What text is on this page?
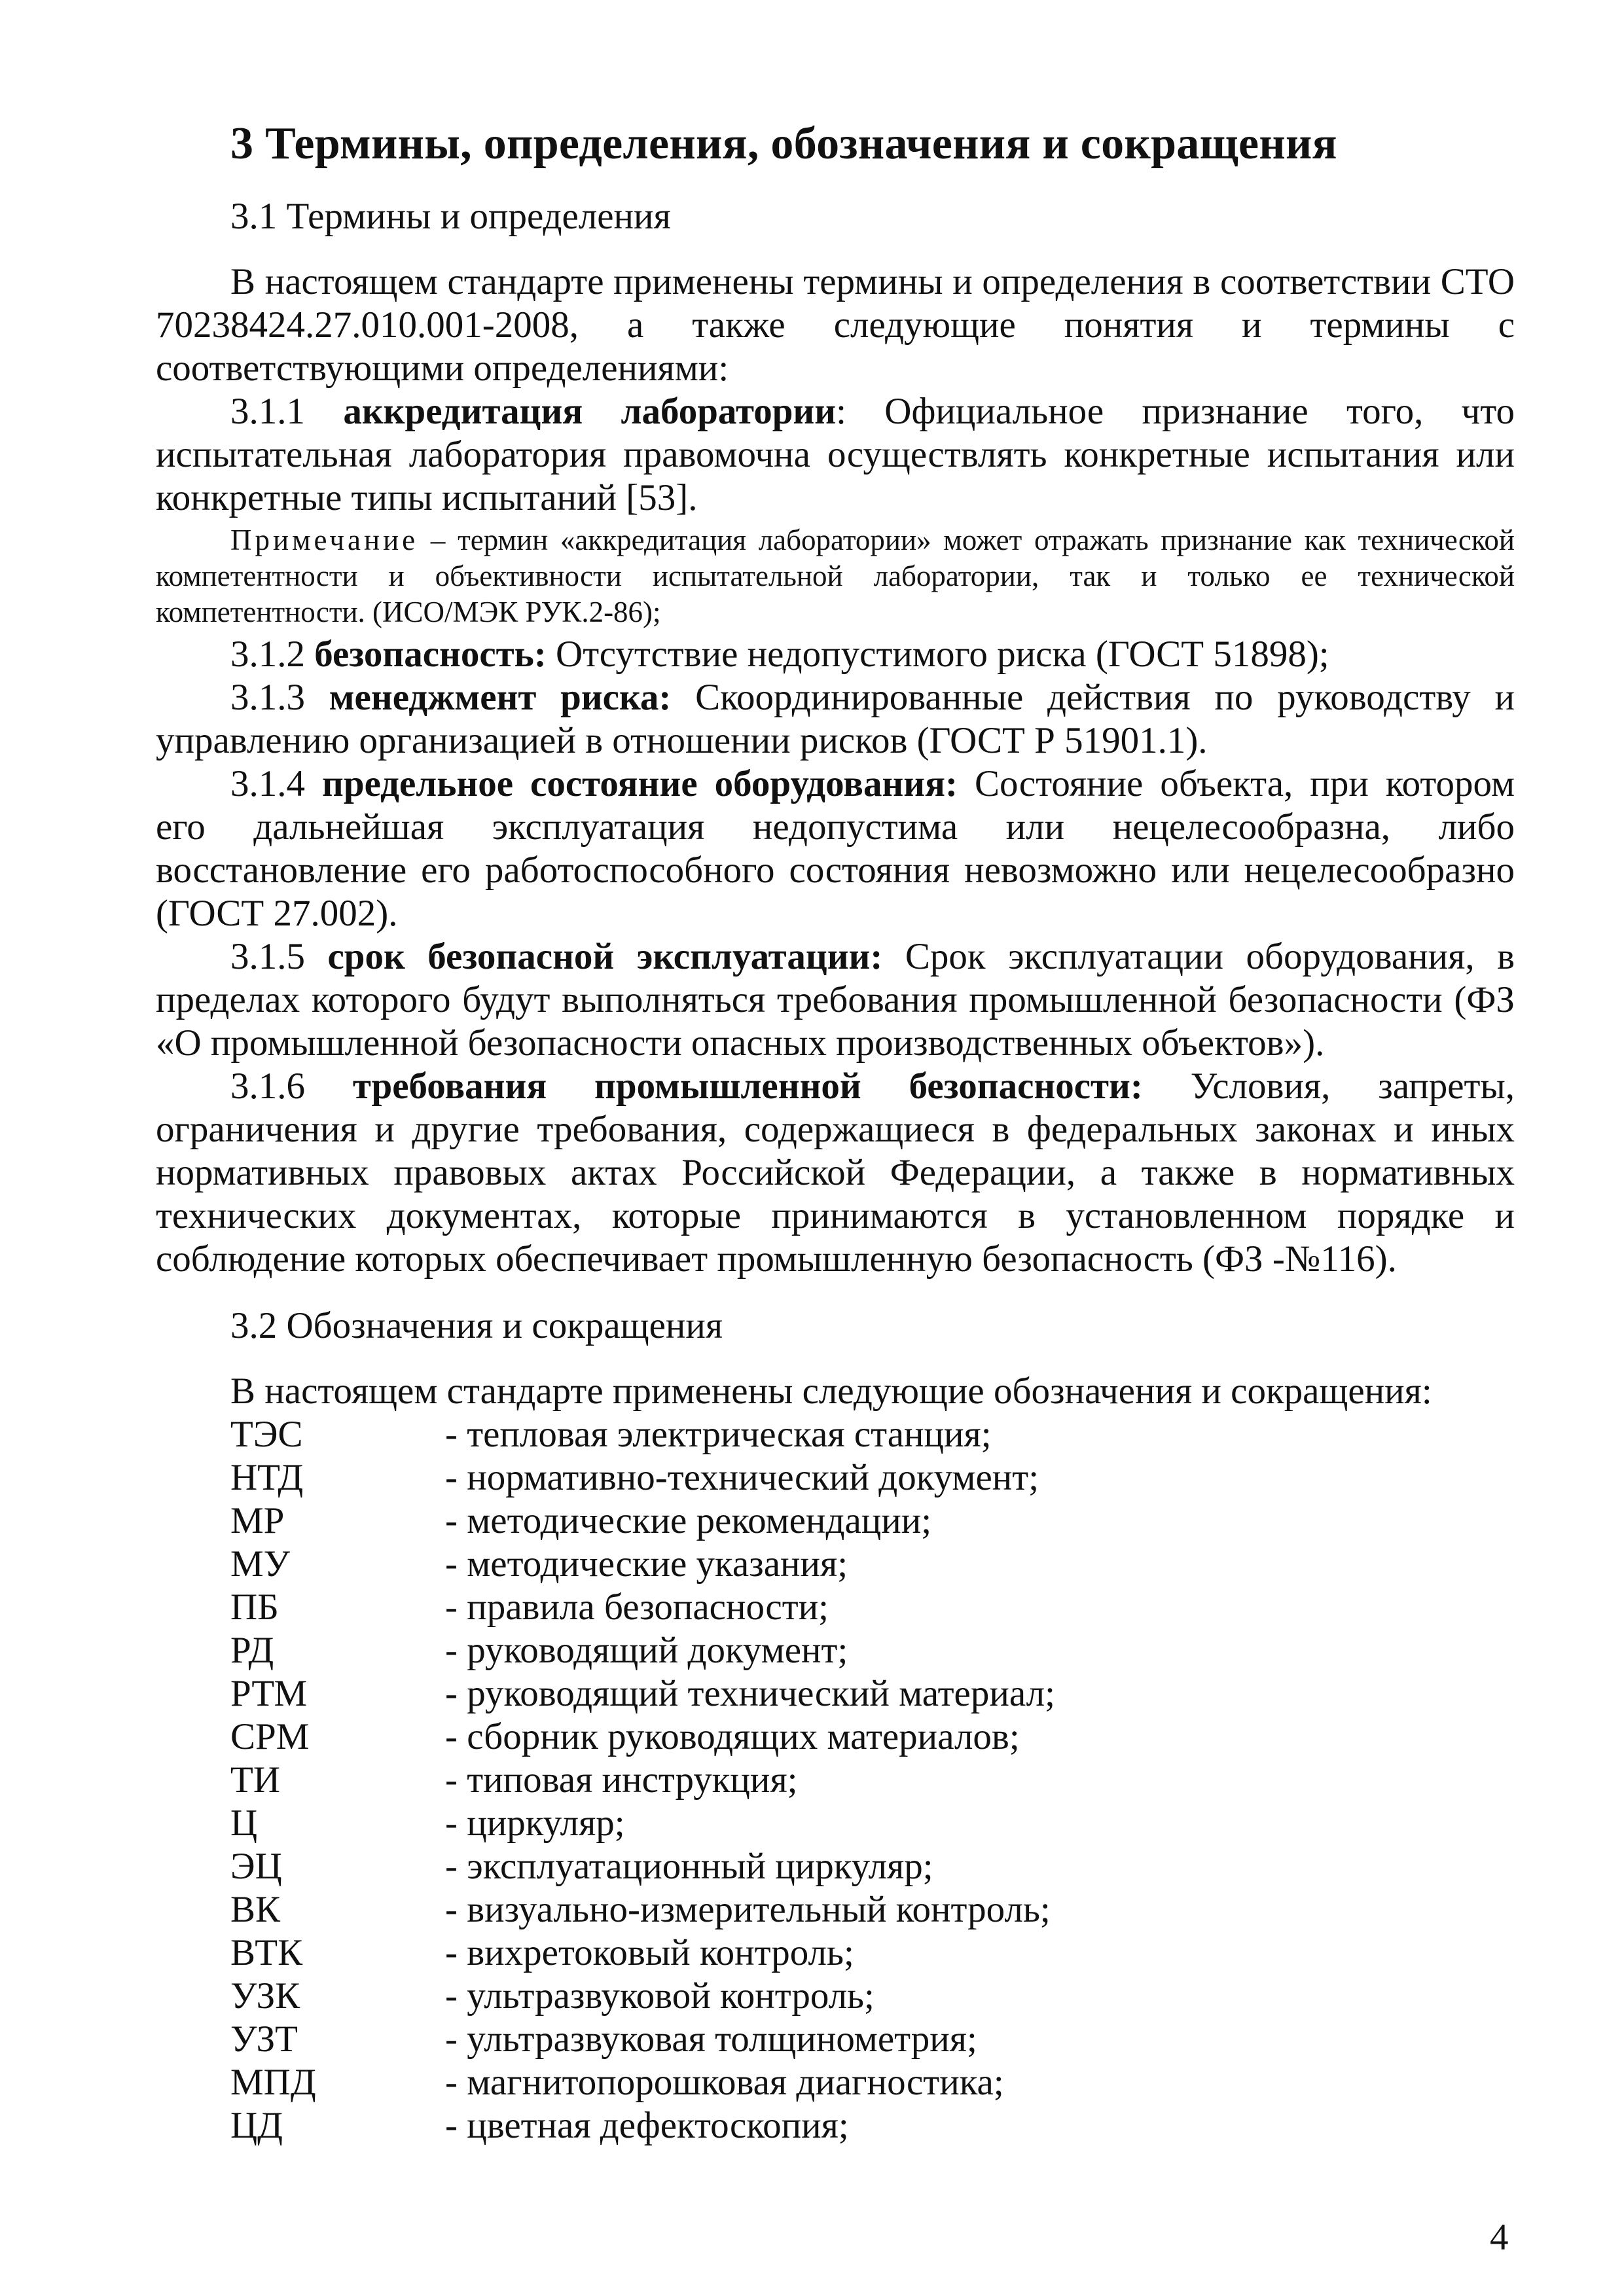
3 Термины, определения, обозначения и сокращения
3.1 Термины и определения

В настоящем стандарте применены термины и определения в соответствии СТО 70238424.27.010.001-2008, а также следующие понятия и термины с соответствующими определениями:

3.1.1 аккредитация лаборатории: Официальное признание того, что испытательная лаборатория правомочна осуществлять конкретные испытания или конкретные типы испытаний [53].

Примечание – термин «аккредитация лаборатории» может отражать признание как технической компетентности и объективности испытательной лаборатории, так и только ее технической компетентности. (ИСО/МЭК РУК.2-86);

3.1.2 безопасность: Отсутствие недопустимого риска (ГОСТ 51898);

3.1.3 менеджмент риска: Скоординированные действия по руководству и управлению организацией в отношении рисков (ГОСТ Р 51901.1).

3.1.4 предельное состояние оборудования: Состояние объекта, при котором его дальнейшая эксплуатация недопустима или нецелесообразна, либо восстановление его работоспособного состояния невозможно или нецелесообразно (ГОСТ 27.002).

3.1.5 срок безопасной эксплуатации: Срок эксплуатации оборудования, в пределах которого будут выполняться требования промышленной безопасности (ФЗ «О промышленной безопасности опасных производственных объектов»).

3.1.6 требования промышленной безопасности: Условия, запреты, ограничения и другие требования, содержащиеся в федеральных законах и иных нормативных правовых актах Российской Федерации, а также в нормативных технических документах, которые принимаются в установленном порядке и соблюдение которых обеспечивает промышленную безопасность (ФЗ -№116).

3.2 Обозначения и сокращения
В настоящем стандарте применены следующие обозначения и сокращения:
ТЭС	- тепловая электрическая станция;
НТД	- нормативно-технический документ;
МР	- методические рекомендации;
МУ	- методические указания;
ПБ	- правила безопасности;
РД	- руководящий документ;
РТМ	- руководящий технический материал;
СРМ	- сборник руководящих материалов;
ТИ	- типовая инструкция;
Ц	- циркуляр;
ЭЦ	- эксплуатационный циркуляр;
ВК	- визуально-измерительный контроль;
ВТК	- вихретоковый контроль;
УЗК	- ультразвуковой контроль;
УЗТ	- ультразвуковая толщинометрия;
МПД	- магнитопорошковая диагностика;
ЦД	- цветная дефектоскопия;
4
